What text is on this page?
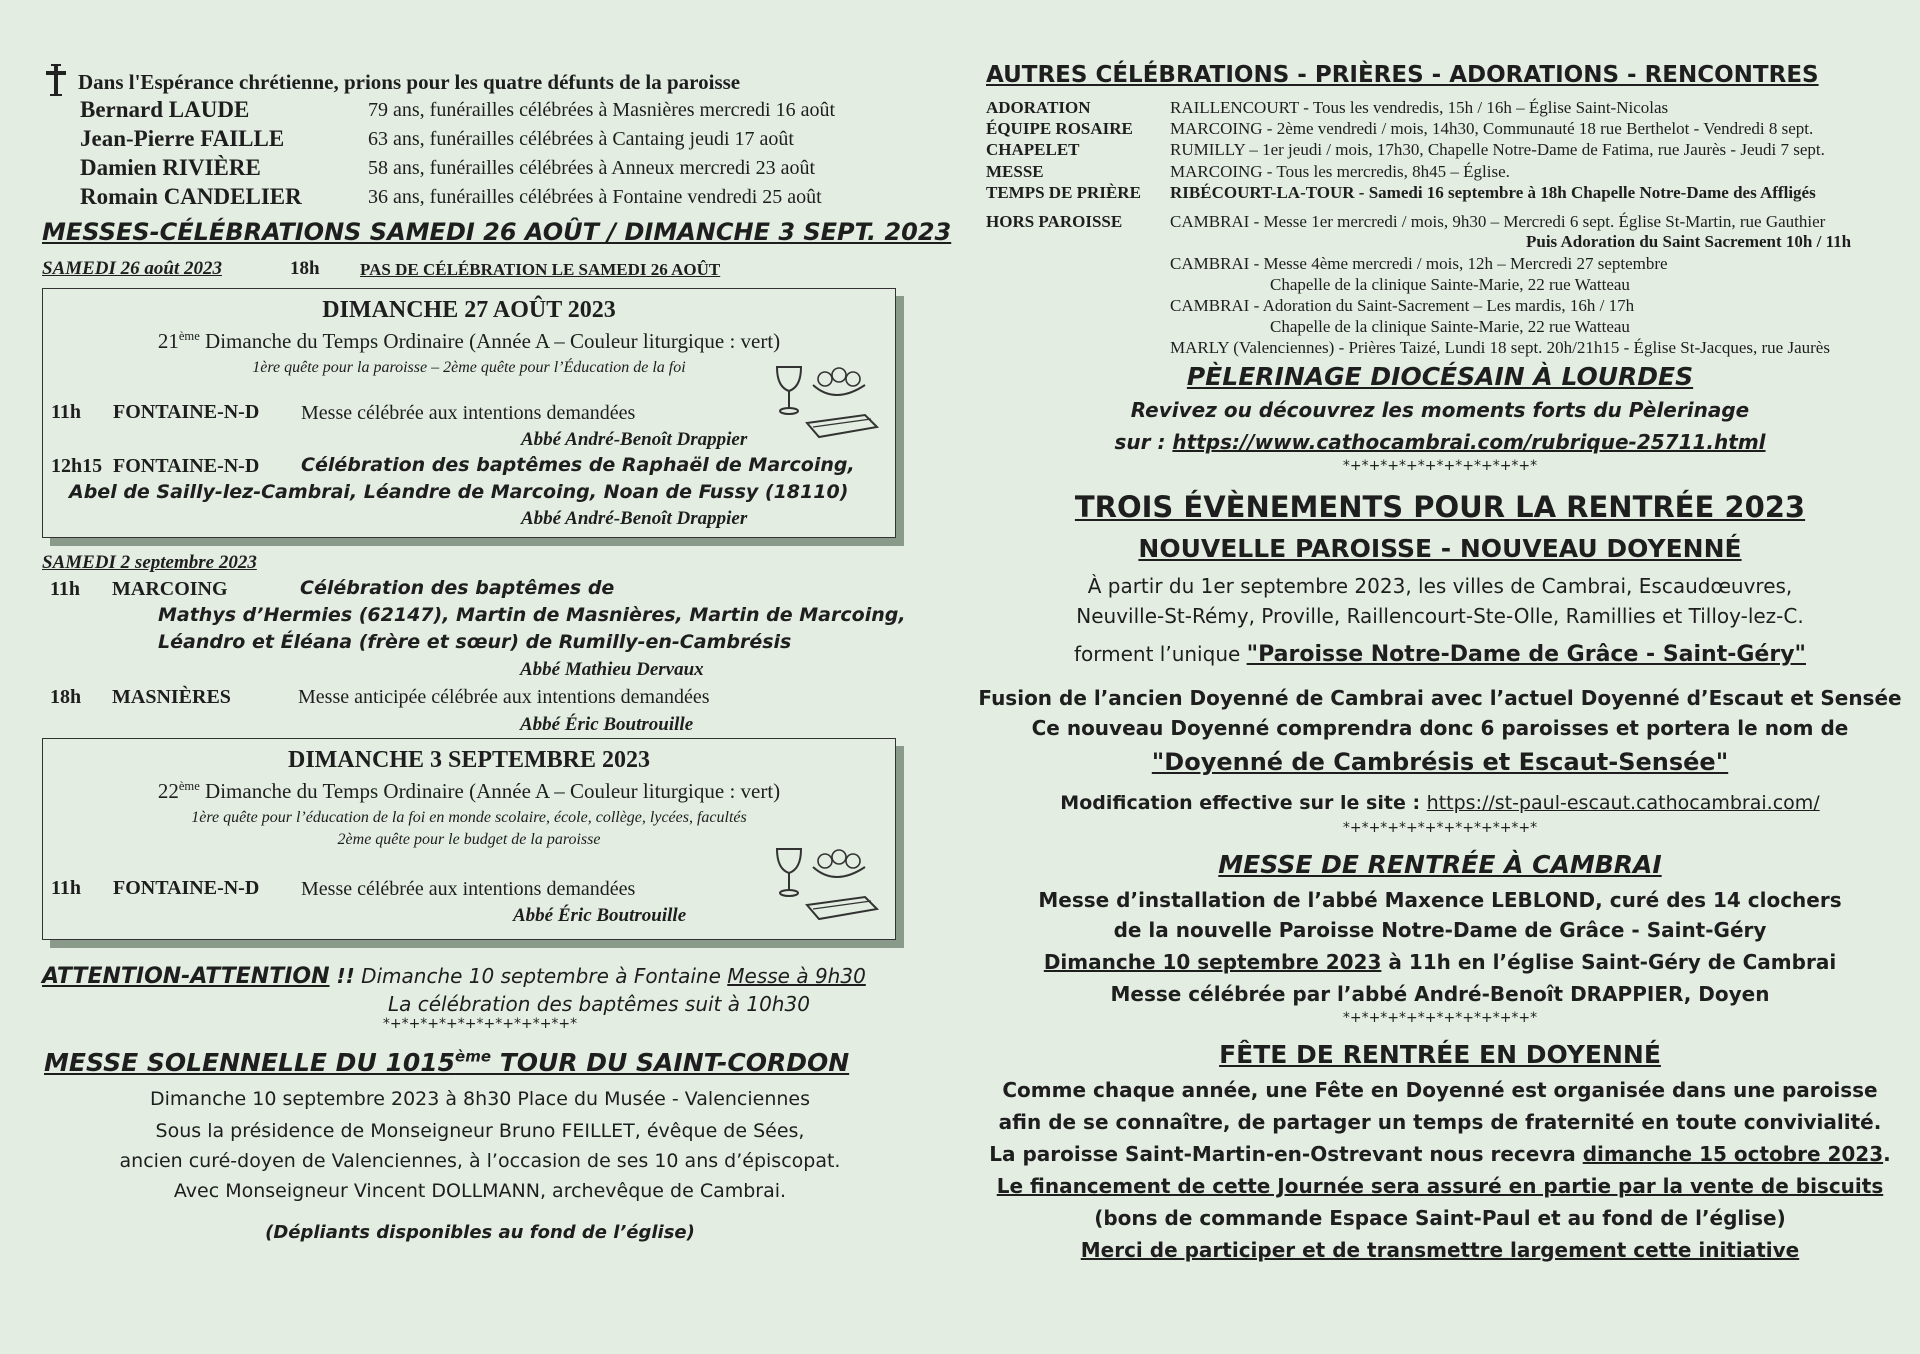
Dans l'Espérance chrétienne, prions pour les quatre défunts de la paroisse
Bernard LAUDE	79 ans, funérailles célébrées à Masnières mercredi 16 août
Jean-Pierre FAILLE	63 ans, funérailles célébrées à Cantaing jeudi 17 août
Damien RIVIÈRE	58 ans, funérailles célébrées à Anneux mercredi 23 août
Romain CANDELIER	36 ans, funérailles célébrées à Fontaine vendredi 25 août
MESSES-CÉLÉBRATIONS SAMEDI 26 AOÛT / DIMANCHE 3 SEPT. 2023
SAMEDI 26 août 2023	18h PAS DE CÉLÉBRATION LE SAMEDI 26 AOÛT
DIMANCHE 27 AOÛT 2023
21ème Dimanche du Temps Ordinaire (Année A – Couleur liturgique : vert)
1ère quête pour la paroisse – 2ème quête pour l’Éducation de la foi
11h FONTAINE-N-D Messe célébrée aux intentions demandées
Abbé André-Benoît Drappier
12h15 FONTAINE-N-D Célébration des baptêmes de Raphaël de Marcoing,
Abel de Sailly-lez-Cambrai, Léandre de Marcoing, Noan de Fussy (18110)
Abbé André-Benoît Drappier
SAMEDI 2 septembre 2023
11h MARCOING	Célébration des baptêmes de
Mathys d’Hermies (62147), Martin de Masnières, Martin de Marcoing,
Léandro et Éléana (frère et sœur) de Rumilly-en-Cambrésis
Abbé Mathieu Dervaux
18h MASNIÈRES	Messe anticipée célébrée aux intentions demandées
Abbé Éric Boutrouille
DIMANCHE 3 SEPTEMBRE 2023
22ème Dimanche du Temps Ordinaire (Année A – Couleur liturgique : vert)
1ère quête pour l’éducation de la foi en monde scolaire, école, collège, lycées, facultés
2ème quête pour le budget de la paroisse
11h FONTAINE-N-D Messe célébrée aux intentions demandées
Abbé Éric Boutrouille
ATTENTION-ATTENTION !! Dimanche 10 septembre à Fontaine Messe à 9h30
La célébration des baptêmes suit à 10h30
*+*+*+*+*+*+*+*+*+*+*
MESSE SOLENNELLE DU 1015ème TOUR DU SAINT-CORDON
Dimanche 10 septembre 2023 à 8h30 Place du Musée - Valenciennes
Sous la présidence de Monseigneur Bruno FEILLET, évêque de Sées,
ancien curé-doyen de Valenciennes, à l’occasion de ses 10 ans d’épiscopat.
Avec Monseigneur Vincent DOLLMANN, archevêque de Cambrai.
(Dépliants disponibles au fond de l’église)
AUTRES CÉLÉBRATIONS - PRIÈRES - ADORATIONS - RENCONTRES
ADORATION	RAILLENCOURT - Tous les vendredis, 15h / 16h – Église Saint-Nicolas
ÉQUIPE ROSAIRE MARCOING - 2ème vendredi / mois, 14h30, Communauté 18 rue Berthelot - Vendredi 8 sept.
CHAPELET	RUMILLY – 1er jeudi / mois, 17h30, Chapelle Notre-Dame de Fatima, rue Jaurès - Jeudi 7 sept.
MESSE	MARCOING - Tous les mercredis, 8h45 – Église.
TEMPS DE PRIÈRE RIBÉCOURT-LA-TOUR - Samedi 16 septembre à 18h Chapelle Notre-Dame des Affligés
HORS PAROISSE	CAMBRAI - Messe 1er mercredi / mois, 9h30 – Mercredi 6 sept. Église St-Martin, rue Gauthier
Puis Adoration du Saint Sacrement 10h / 11h
CAMBRAI - Messe 4ème mercredi / mois, 12h – Mercredi 27 septembre
Chapelle de la clinique Sainte-Marie, 22 rue Watteau
CAMBRAI - Adoration du Saint-Sacrement – Les mardis, 16h / 17h
Chapelle de la clinique Sainte-Marie, 22 rue Watteau
MARLY (Valenciennes) - Prières Taizé, Lundi 18 sept. 20h/21h15 - Église St-Jacques, rue Jaurès
PÈLERINAGE DIOCÉSAIN À LOURDES
Revivez ou découvrez les moments forts du Pèlerinage
sur : https://www.cathocambrai.com/rubrique-25711.html
*+*+*+*+*+*+*+*+*+*+*
TROIS ÉVÈNEMENTS POUR LA RENTRÉE 2023
NOUVELLE PAROISSE - NOUVEAU DOYENNÉ
À partir du 1er septembre 2023, les villes de Cambrai, Escaudœuvres,
Neuville-St-Rémy, Proville, Raillencourt-Ste-Olle, Ramillies et Tilloy-lez-C.
forment l’unique "Paroisse Notre-Dame de Grâce - Saint-Géry"
Fusion de l’ancien Doyenné de Cambrai avec l’actuel Doyenné d’Escaut et Sensée
Ce nouveau Doyenné comprendra donc 6 paroisses et portera le nom de
"Doyenné de Cambrésis et Escaut-Sensée"
Modification effective sur le site : https://st-paul-escaut.cathocambrai.com/
*+*+*+*+*+*+*+*+*+*+*
MESSE DE RENTRÉE À CAMBRAI
Messe d’installation de l’abbé Maxence LEBLOND, curé des 14 clochers
de la nouvelle Paroisse Notre-Dame de Grâce - Saint-Géry
Dimanche 10 septembre 2023 à 11h en l’église Saint-Géry de Cambrai
Messe célébrée par l’abbé André-Benoît DRAPPIER, Doyen
*+*+*+*+*+*+*+*+*+*+*
FÊTE DE RENTRÉE EN DOYENNÉ
Comme chaque année, une Fête en Doyenné est organisée dans une paroisse
afin de se connaître, de partager un temps de fraternité en toute convivialité.
La paroisse Saint-Martin-en-Ostrevant nous recevra dimanche 15 octobre 2023.
Le financement de cette Journée sera assuré en partie par la vente de biscuits
(bons de commande Espace Saint-Paul et au fond de l’église)
Merci de participer et de transmettre largement cette initiative
